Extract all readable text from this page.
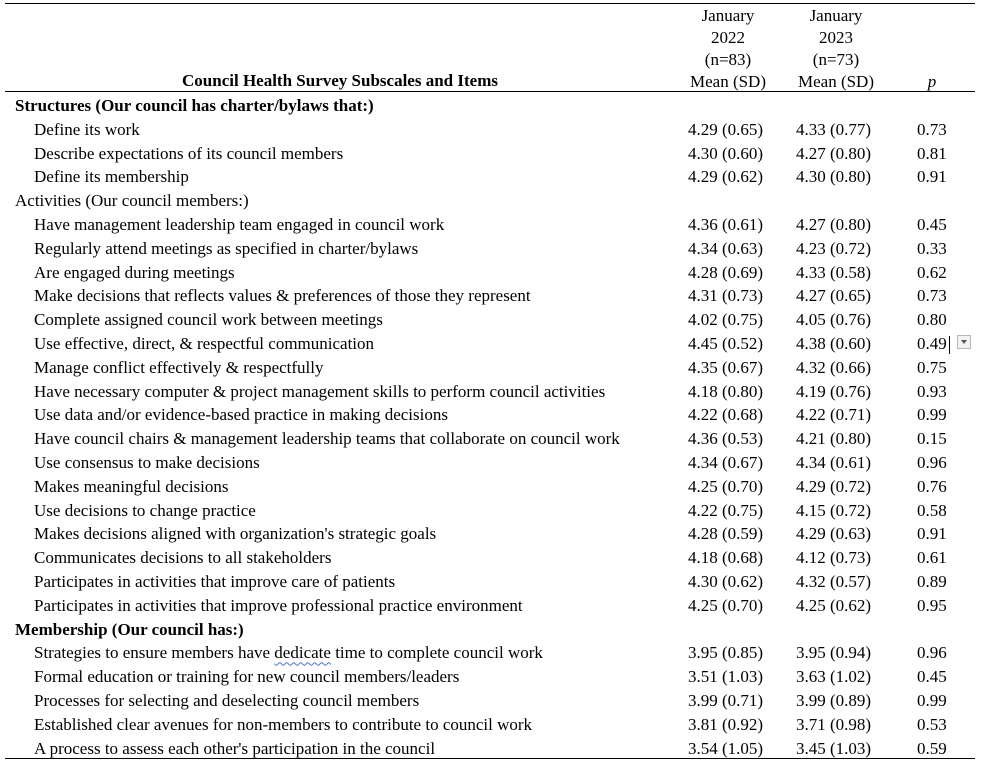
January
2022
(n=83)
Mean (SD)
January
2023
(n=73)
Mean (SD)	p
Council Health Survey Subscales and Items
Structures (Our council has charter/bylaws that:)
Define its work	4.29 (0.65) 4.33 (0.77)	0.73
Describe expectations of its council members	4.30 (0.60) 4.27 (0.80)	0.81
Define its membership	4.29 (0.62) 4.30 (0.80)	0.91
Activities (Our council members:)
Have management leadership team engaged in council work	4.36 (0.61) 4.27 (0.80)	0.45
Regularly attend meetings as specified in charter/bylaws	4.34 (0.63) 4.23 (0.72)	0.33
Are engaged during meetings	4.28 (0.69) 4.33 (0.58)	0.62
Make decisions that reflects values & preferences of those they represent	4.31 (0.73) 4.27 (0.65)	0.73
Complete assigned council work between meetings	4.02 (0.75) 4.05 (0.76)	0.80
Use effective, direct, & respectful communication	4.45 (0.52) 4.38 (0.60)	0.49
Manage conflict effectively & respectfully	4.35 (0.67) 4.32 (0.66)	0.75
Have necessary computer & project management skills to perform council activities	4.18 (0.80) 4.19 (0.76)	0.93
Use data and/or evidence-based practice in making decisions	4.22 (0.68) 4.22 (0.71)	0.99
Have council chairs & management leadership teams that collaborate on council work	4.36 (0.53) 4.21 (0.80)	0.15
Use consensus to make decisions	4.34 (0.67) 4.34 (0.61)	0.96
Makes meaningful decisions	4.25 (0.70) 4.29 (0.72)	0.76
Use decisions to change practice	4.22 (0.75) 4.15 (0.72)	0.58
Makes decisions aligned with organization's strategic goals	4.28 (0.59) 4.29 (0.63)	0.91
Communicates decisions to all stakeholders	4.18 (0.68) 4.12 (0.73)	0.61
Participates in activities that improve care of patients	4.30 (0.62) 4.32 (0.57)	0.89
Participates in activities that improve professional practice environment	4.25 (0.70) 4.25 (0.62)	0.95
Membership (Our council has:)
Strategies to ensure members have dedicate time to complete council work	3.95 (0.85) 3.95 (0.94)	0.96
Formal education or training for new council members/leaders	3.51 (1.03) 3.63 (1.02)	0.45
Processes for selecting and deselecting council members	3.99 (0.71) 3.99 (0.89)	0.99
Established clear avenues for non-members to contribute to council work	3.81 (0.92) 3.71 (0.98)	0.53
A process to assess each other's participation in the council	3.54 (1.05) 3.45 (1.03)	0.59
